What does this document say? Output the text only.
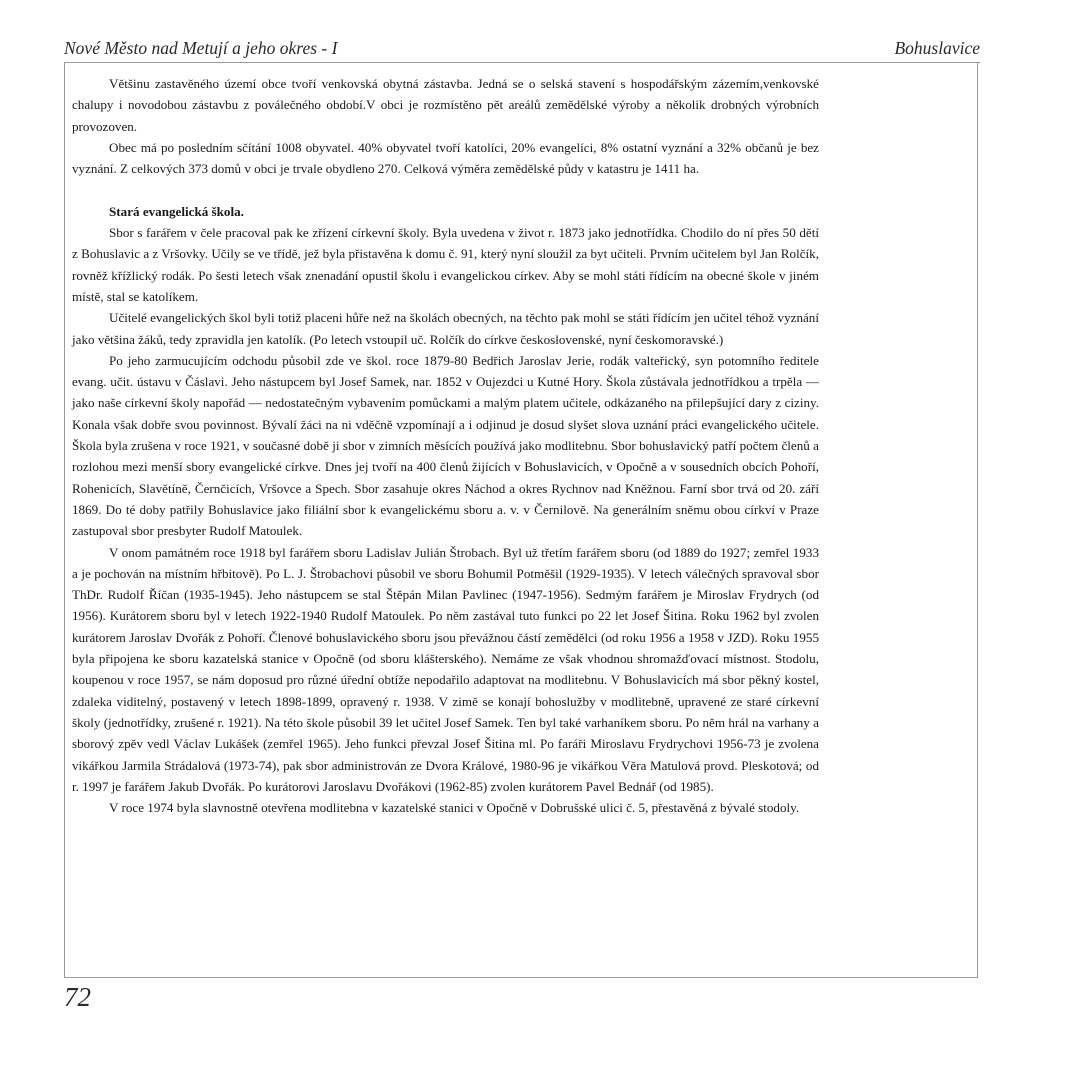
Nové Město nad Metují a jeho okres - I	Bohuslavice

Většinu zastavěného území obce tvoří venkovská obytná zástavba. Jedná se o selská stavení s hospodářským zázemím,venkovské chalupy i novodobou zástavbu z poválečného období.V obci je rozmístěno pět areálů zemědělské výroby a několik drobných výrobních provozoven.

Obec má po posledním sčítání 1008 obyvatel. 40% obyvatel tvoří katolíci, 20% evangelíci, 8% ostatní vyznání a 32% občanů je bez vyznání. Z celkových 373 domů v obci je trvale obydleno 270. Celková výměra zemědělské půdy v katastru je 1411 ha.

Stará evangelická škola.

Sbor s farářem v čele pracoval pak ke zřízení církevní školy. Byla uvedena v život r. 1873 jako jednotřídka. Chodilo do ní přes 50 dětí z Bohuslavic a z Vršovky. Učily se ve třídě, jež byla přistavěna k domu č. 91, který nyní sloužil za byt učiteli. Prvním učitelem byl Jan Rolčík, rovněž křížlický rodák. Po šesti letech však znenadání opustil školu i evangelickou církev. Aby se mohl státi řídícím na obecné škole v jiném místě, stal se katolíkem.

Učitelé evangelických škol byli totiž placeni hůře než na školách obecných, na těchto pak mohl se státi řídícím jen učitel téhož vyznání jako většina žáků, tedy zpravidla jen katolík. (Po letech vstoupil uč. Rolčík do církve československé, nyní českomoravské.)

Po jeho zarmucujícím odchodu působil zde ve škol. roce 1879-80 Bedřich Jaroslav Jerie, rodák valteřický, syn potomního ředitele evang. učit. ústavu v Čáslavi. Jeho nástupcem byl Josef Samek, nar. 1852 v Oujezdci u Kutné Hory. Škola zůstávala jednotřídkou a trpěla — jako naše církevní školy napořád — nedostatečným vybavením pomůckami a malým platem učitele, odkázaného na přilepšující dary z ciziny. Konala však dobře svou povinnost. Bývalí žáci na ni vděčně vzpomínají a i odjinud je dosud slyšet slova uznání práci evangelického učitele. Škola byla zrušena v roce 1921, v současné době ji sbor v zimních měsících používá jako modlitebnu. Sbor bohuslavický patří počtem členů a rozlohou mezi menší sbory evangelické církve. Dnes jej tvoří na 400 členů žijících v Bohuslavicích, v Opočně a v sousedních obcích Pohoří, Rohenicích, Slavětíně, Černčicích, Vršovce a Spech. Sbor zasahuje okres Náchod a okres Rychnov nad Kněžnou. Farní sbor trvá od 20. září 1869. Do té doby patřily Bohuslavice jako filiální sbor k evangelickému sboru a. v. v Černilově. Na generálním sněmu obou církví v Praze zastupoval sbor presbyter Rudolf Matoulek.

V onom památném roce 1918 byl farářem sboru Ladislav Julián Štrobach. Byl už třetím farářem sboru (od 1889 do 1927; zemřel 1933 a je pochován na místním hřbitově). Po L. J. Štrobachovi působil ve sboru Bohumil Potměšil (1929-1935). V letech válečných spravoval sbor ThDr. Rudolf Říčan (1935-1945). Jeho nástupcem se stal Štěpán Milan Pavlinec (1947-1956). Sedmým farářem je Miroslav Frydrych (od 1956). Kurátorem sboru byl v letech 1922-1940 Rudolf Matoulek. Po něm zastával tuto funkci po 22 let Josef Šitina. Roku 1962 byl zvolen kurátorem Jaroslav Dvořák z Pohoří. Členové bohuslavického sboru jsou převážnou částí zemědělci (od roku 1956 a 1958 v JZD). Roku 1955 byla připojena ke sboru kazatelská stanice v Opočně (od sboru klášterského). Nemáme ze však vhodnou shromažďovací místnost. Stodolu, koupenou v roce 1957, se nám doposud pro různé úřední obtíže nepodařilo adaptovat na modlitebnu. V Bohuslavicích má sbor pěkný kostel, zdaleka viditelný, postavený v letech 1898-1899, opravený r. 1938. V zimě se konají bohoslužby v modlitebně, upravené ze staré církevní školy (jednotřídky, zrušené r. 1921). Na této škole působil 39 let učitel Josef Samek. Ten byl také varhaníkem sboru. Po něm hrál na varhany a sborový zpěv vedl Václav Lukášek (zemřel 1965). Jeho funkci převzal Josef Šitina ml. Po faráři Miroslavu Frydrychovi 1956-73 je zvolena vikářkou Jarmila Strádalová (1973-74), pak sbor administrován ze Dvora Králové, 1980-96 je vikářkou Věra Matulová provd. Pleskotová; od r. 1997 je farářem Jakub Dvořák. Po kurátorovi Jaroslavu Dvořákovi (1962-85) zvolen kurátorem Pavel Bednář (od 1985).

V roce 1974 byla slavnostně otevřena modlitebna v kazatelské stanici v Opočně v Dobrušské ulici č. 5, přestavěná z bývalé stodoly.

72
